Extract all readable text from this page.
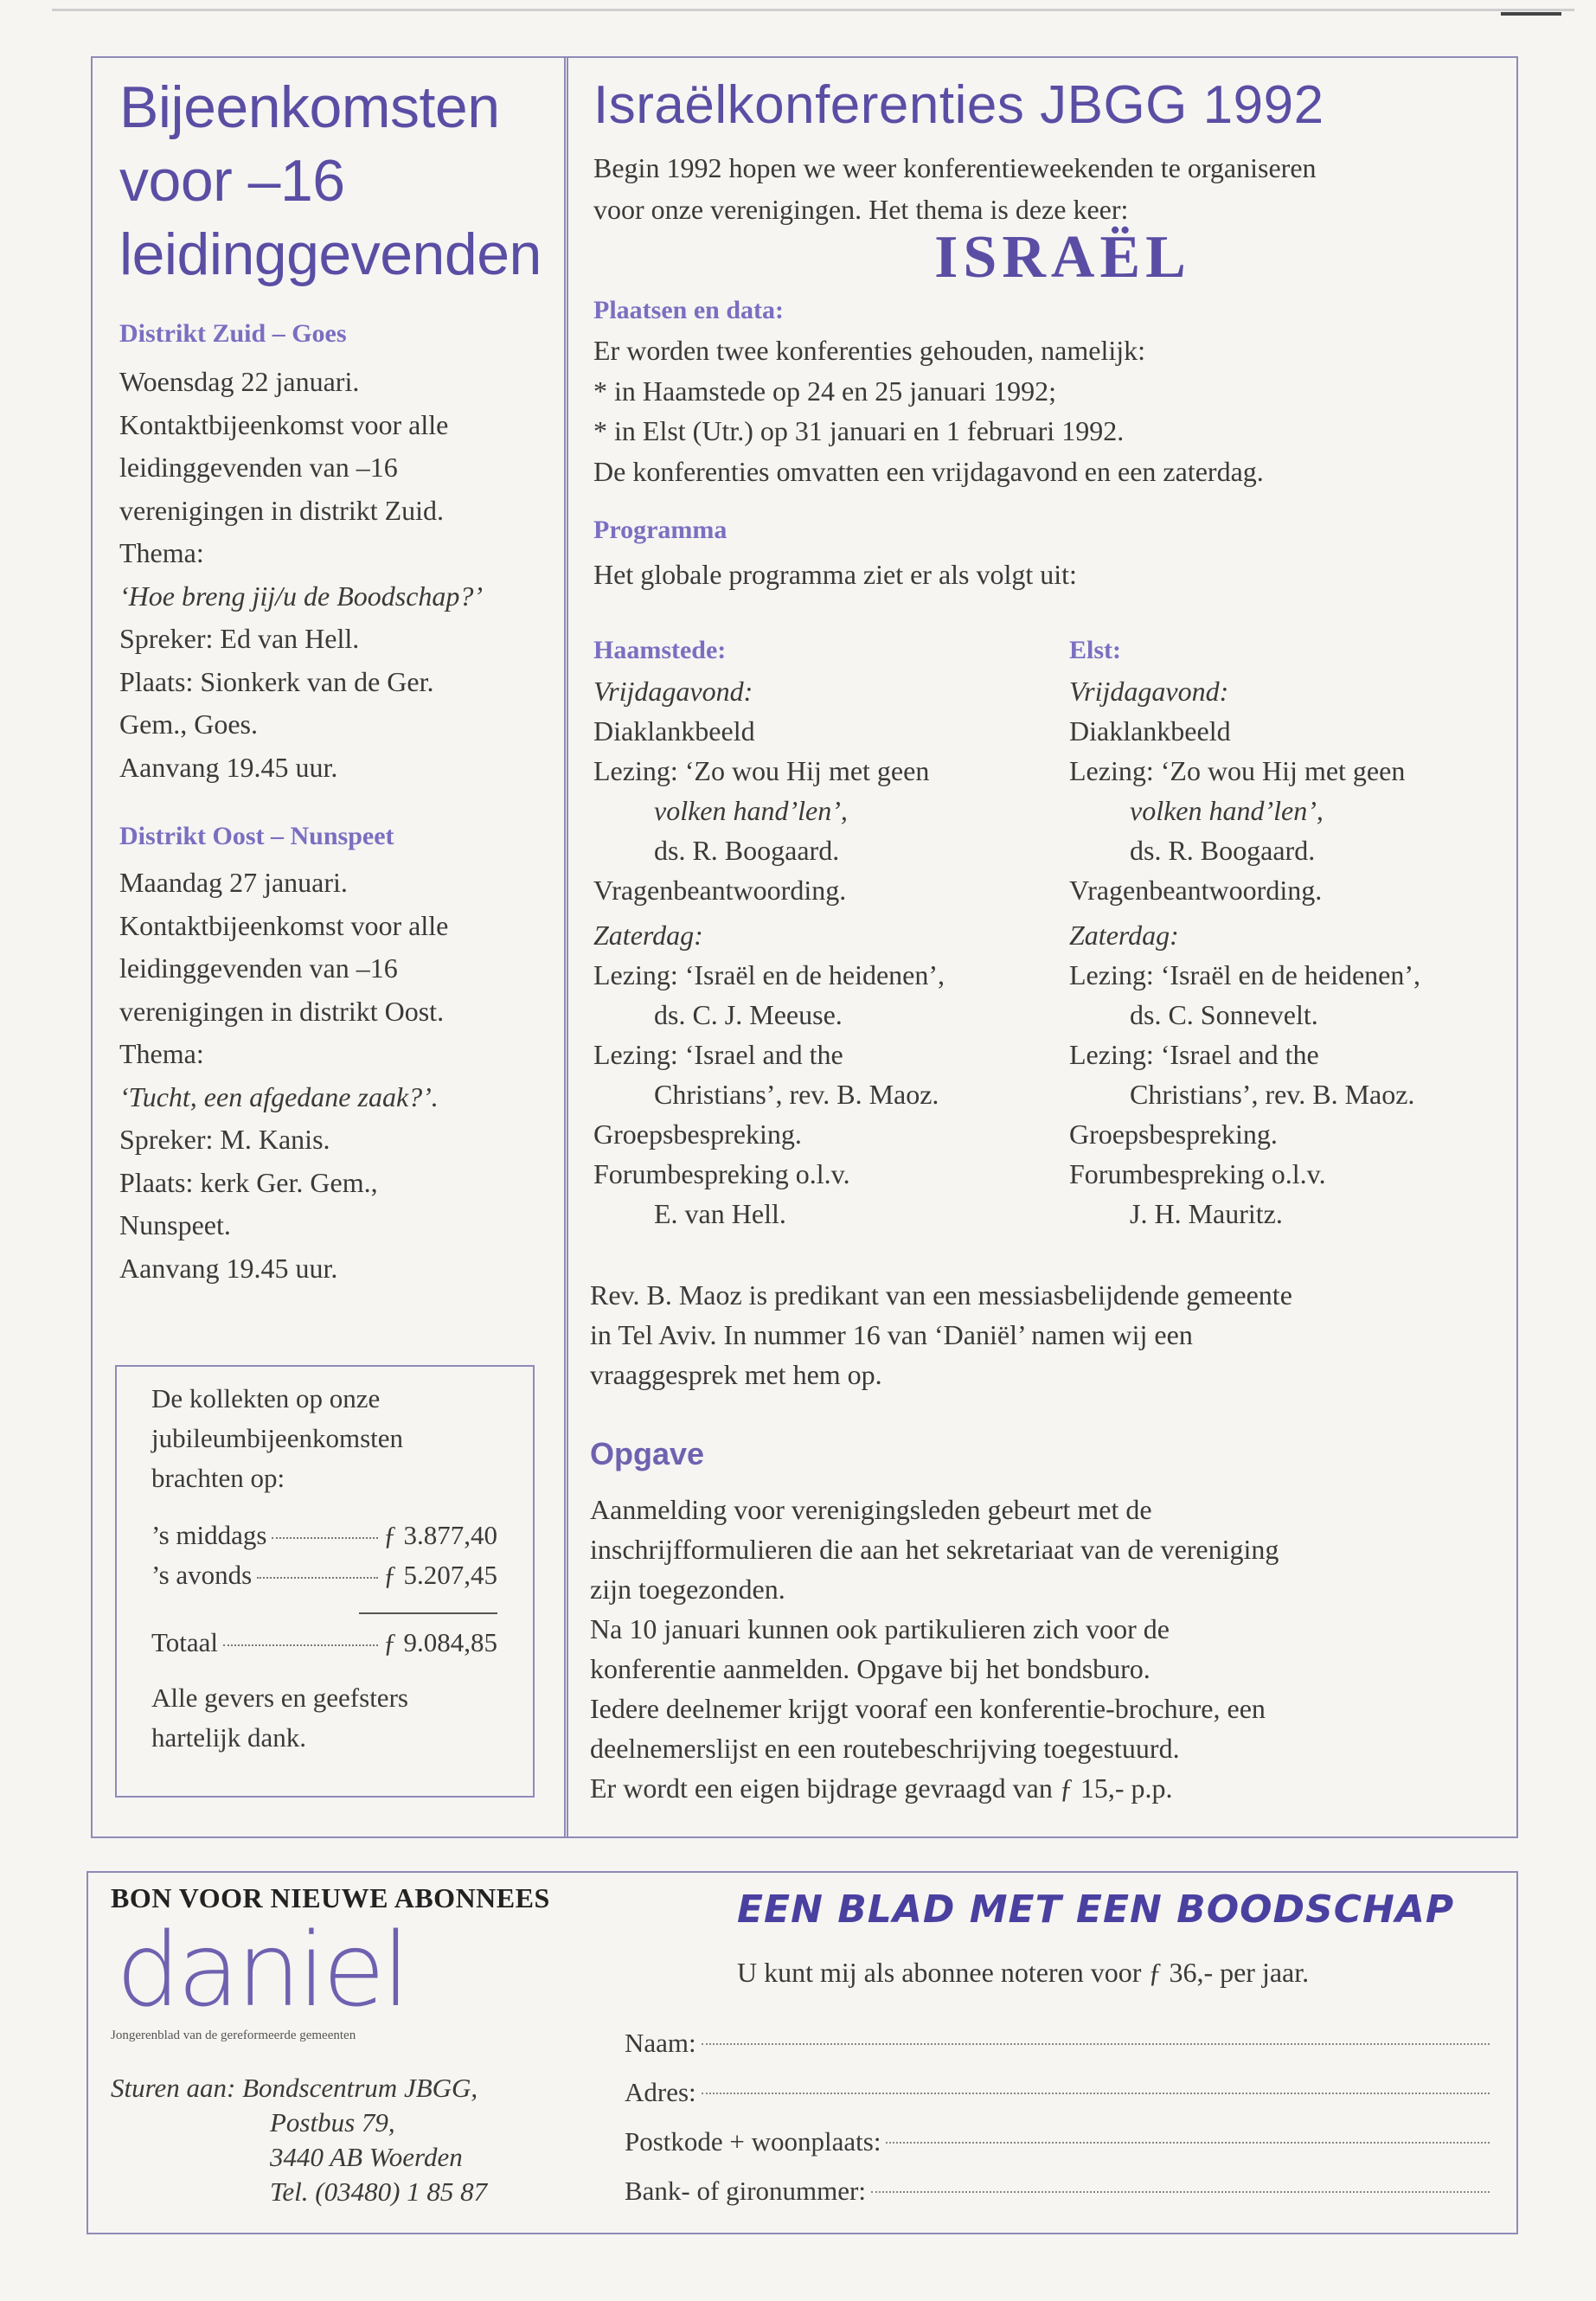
Bijeenkomsten
voor –16
leidinggevenden
Distrikt Zuid – Goes

Woensdag 22 januari.

Kontaktbijeenkomst voor alle

leidinggevenden van –16

verenigingen in distrikt Zuid.

Thema:

‘Hoe breng jij/u de Boodschap?’

Spreker: Ed van Hell.

Plaats: Sionkerk van de Ger.

Gem., Goes.

Aanvang 19.45 uur.

Distrikt Oost – Nunspeet

Maandag 27 januari.

Kontaktbijeenkomst voor alle

leidinggevenden van –16

verenigingen in distrikt Oost.

Thema:

‘Tucht, een afgedane zaak?’.

Spreker: M. Kanis.

Plaats: kerk Ger. Gem.,

Nunspeet.

Aanvang 19.45 uur.

De kollekten op onze

jubileumbijeenkomsten

brachten op:

’s middags	ƒ 3.877,40
’s avonds	ƒ 5.207,45
Totaal	ƒ 9.084,85

Alle gevers en geefsters

hartelijk dank.

Israëlkonferenties JBGG 1992

Begin 1992 hopen we weer konferentieweekenden te organiseren

voor onze verenigingen. Het thema is deze keer:

ISRAËL
Plaatsen en data:

Er worden twee konferenties gehouden, namelijk:

* in Haamstede op 24 en 25 januari 1992;

* in Elst (Utr.) op 31 januari en 1 februari 1992.

De konferenties omvatten een vrijdagavond en een zaterdag.

Programma
Het globale programma ziet er als volgt uit:
Haamstede:

Vrijdagavond:

Diaklankbeeld

Lezing: ‘Zo wou Hij met geen

volken hand’len’,

ds. R. Boogaard.

Vragenbeantwoording.

Zaterdag:

Lezing: ‘Israël en de heidenen’,

ds. C. J. Meeuse.

Lezing: ‘Israel and the

Christians’, rev. B. Maoz.

Groepsbespreking.

Forumbespreking o.l.v.

E. van Hell.

Elst:

Vrijdagavond:

Diaklankbeeld

Lezing: ‘Zo wou Hij met geen

volken hand’len’,

ds. R. Boogaard.

Vragenbeantwoording.

Zaterdag:

Lezing: ‘Israël en de heidenen’,

ds. C. Sonnevelt.

Lezing: ‘Israel and the

Christians’, rev. B. Maoz.

Groepsbespreking.

Forumbespreking o.l.v.

J. H. Mauritz.

Rev. B. Maoz is predikant van een messiasbelijdende gemeente

in Tel Aviv. In nummer 16 van ‘Daniël’ namen wij een

vraaggesprek met hem op.

Opgave

Aanmelding voor verenigingsleden gebeurt met de

inschrijfformulieren die aan het sekretariaat van de vereniging

zijn toegezonden.

Na 10 januari kunnen ook partikulieren zich voor de

konferentie aanmelden. Opgave bij het bondsburo.

Iedere deelnemer krijgt vooraf een konferentie-brochure, een

deelnemerslijst en een routebeschrijving toegestuurd.

Er wordt een eigen bijdrage gevraagd van ƒ 15,- p.p.

BON VOOR NIEUWE ABONNEES
daniel
Jongerenblad van de gereformeerde gemeenten

Sturen aan: Bondscentrum JBGG,

Postbus 79,

3440 AB Woerden

Tel. (03480) 1 85 87

EEN BLAD MET EEN BOODSCHAP
U kunt mij als abonnee noteren voor ƒ 36,- per jaar.
Naam:
Adres:
Postkode + woonplaats:
Bank- of gironummer:
